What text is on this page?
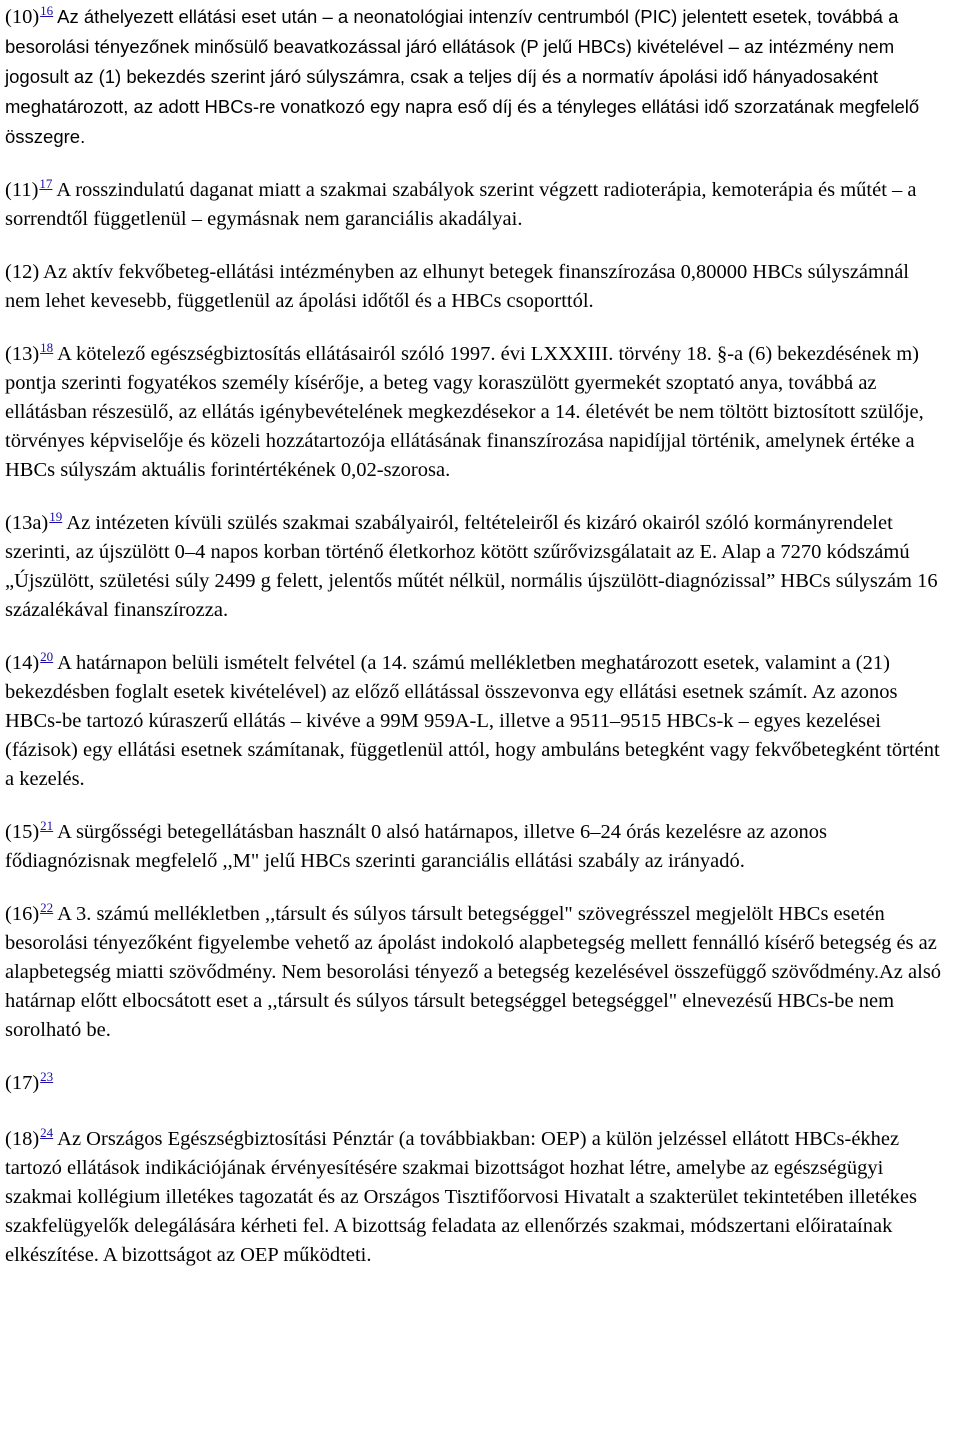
(10)$^{16}$ Az áthelyezett ellátási eset után – a neonatológiai intenzív centrumból (PIC) jelentett esetek, továbbá a besorolási tényezőnek minősülő beavatkozással járó ellátások (P jelű HBCs) kivételével – az intézmény nem jogosult az (1) bekezdés szerint járó súlyszámra, csak a teljes díj és a normatív ápolási idő hányadosaként meghatározott, az adott HBCs-re vonatkozó egy napra eső díj és a tényleges ellátási idő szorzatának megfelelő összegre.
(11)$^{17}$ A rosszindulatú daganat miatt a szakmai szabályok szerint végzett radioterápia, kemoterápia és műtét – a sorrendtől függetlenül – egymásnak nem garanciális akadályai.
(12) Az aktív fekvőbeteg-ellátási intézményben az elhunyt betegek finanszírozása 0,80000 HBCs súlyszámnál nem lehet kevesebb, függetlenül az ápolási időtől és a HBCs csoporttól.
(13)$^{18}$ A kötelező egészségbiztosítás ellátásairól szóló 1997. évi LXXXIII. törvény 18. §-a (6) bekezdésének m) pontja szerinti fogyatékos személy kísérője, a beteg vagy koraszülött gyermekét szoptató anya, továbbá az ellátásban részesülő, az ellátás igénybevételének megkezdésekor a 14. életévét be nem töltött biztosított szülője, törvényes képviselője és közeli hozzátartozója ellátásának finanszírozása napidíjjal történik, amelynek értéke a HBCs súlyszám aktuális forintértékének 0,02-szorosa.
(13a)$^{19}$ Az intézeten kívüli szülés szakmai szabályairól, feltételeiről és kizáró okairól szóló kormányrendelet szerinti, az újszülött 0–4 napos korban történő életkorhoz kötött szűrővizsgálatait az E. Alap a 7270 kódszámú „Újszülött, születési súly 2499 g felett, jelentős műtét nélkül, normális újszülött-diagnózissal” HBCs súlyszám 16 százalékával finanszírozza.
(14)$^{20}$ A határnapon belüli ismételt felvétel (a 14. számú mellékletben meghatározott esetek, valamint a (21) bekezdésben foglalt esetek kivételével) az előző ellátással összevonva egy ellátási esetnek számít. Az azonos HBCs-be tartozó kúraszerű ellátás – kivéve a 99M 959A-L, illetve a 9511–9515 HBCs-k – egyes kezelései (fázisok) egy ellátási esetnek számítanak, függetlenül attól, hogy ambuláns betegként vagy fekvőbetegként történt a kezelés.
(15)$^{21}$ A sürgősségi betegellátásban használt 0 alsó határnapos, illetve 6–24 órás kezelésre az azonos fődiagnózisnak megfelelő ,,M" jelű HBCs szerinti garanciális ellátási szabály az irányadó.
(16)$^{22}$ A 3. számú mellékletben ,,társult és súlyos társult betegséggel" szövegrésszel megjelölt HBCs esetén besorolási tényezőként figyelembe vehető az ápolást indokoló alapbetegség mellett fennálló kísérő betegség és az alapbetegség miatti szövődmény. Nem besorolási tényező a betegség kezelésével összefüggő szövődmény.Az alsó határnap előtt elbocsátott eset a ,,társult és súlyos társult betegséggel betegséggel" elnevezésű HBCs-be nem sorolható be.
(17)$^{23}$
(18)$^{24}$ Az Országos Egészségbiztosítási Pénztár (a továbbiakban: OEP) a külön jelzéssel ellátott HBCs-ékhez tartozó ellátások indikációjának érvényesítésére szakmai bizottságot hozhat létre, amelybe az egészségügyi szakmai kollégium illetékes tagozatát és az Országos Tisztifőorvosi Hivatalt a szakterület tekintetében illetékes szakfelügyelők delegálására kérheti fel. A bizottság feladata az ellenőrzés szakmai, módszertani előirataínak elkészítése. A bizottságot az OEP működteti.
